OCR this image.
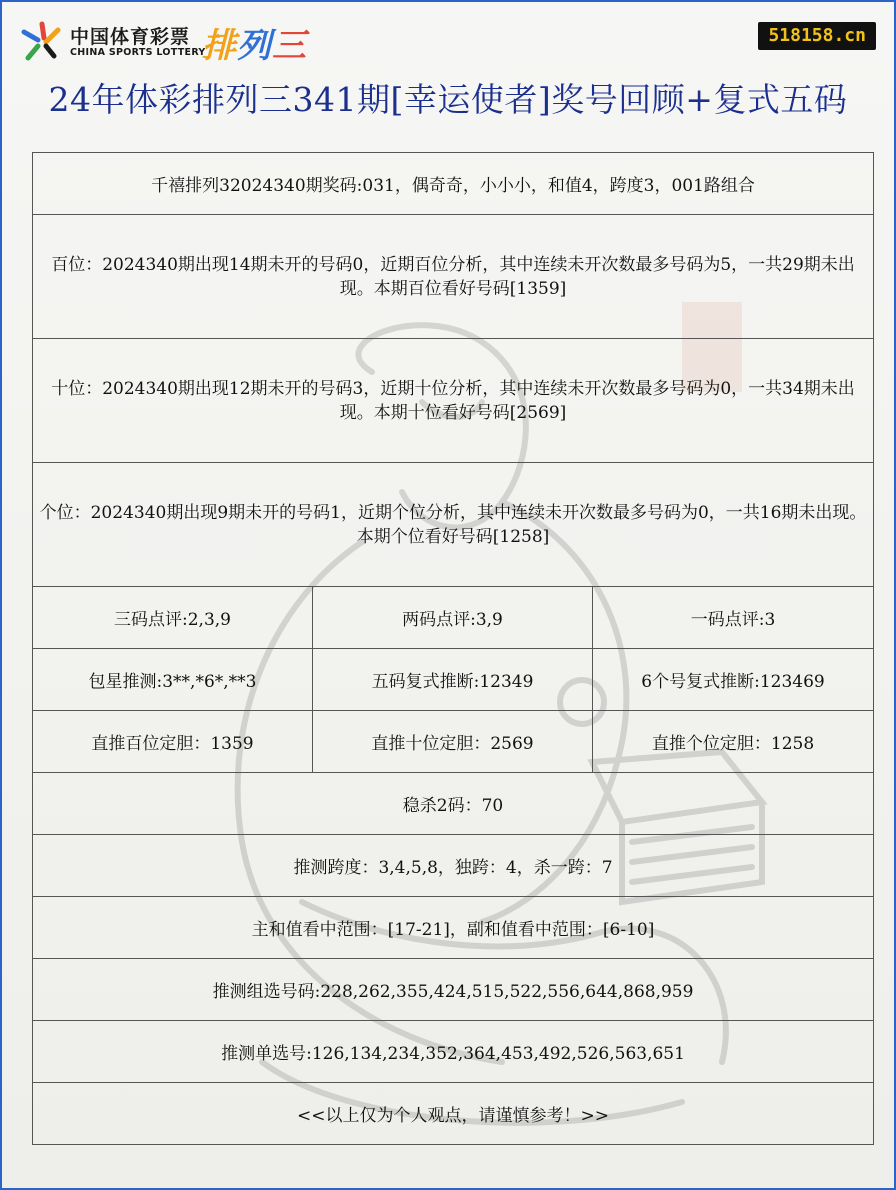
中国体育彩票
CHINA SPORTS LOTTERY
排列三	518158.cn
24年体彩排列三341期[幸运使者]奖号回顾+复式五码
千禧排列32024340期奖码:031，偶奇奇，小小小，和值4，跨度3，001路组合		
百位：2024340期出现14期未开的号码0，近期百位分析，其中连续未开次数最多号码为5，一共29期未出现。本期百位看好号码[1359]		
十位：2024340期出现12期未开的号码3，近期十位分析，其中连续未开次数最多号码为0，一共34期未出现。本期十位看好号码[2569]		
个位：2024340期出现9期未开的号码1，近期个位分析，其中连续未开次数最多号码为0，一共16期未出现。本期个位看好号码[1258]		
三码点评:2,3,9	两码点评:3,9	一码点评:3
包星推测:3**,*6*,**3	五码复式推断:12349	6个号复式推断:123469
直推百位定胆：1359	直推十位定胆：2569	直推个位定胆：1258
稳杀2码：70		
推测跨度：3,4,5,8，独跨：4，杀一跨：7		
主和值看中范围：[17-21]，副和值看中范围：[6-10]		
推测组选号码:228,262,355,424,515,522,556,644,868,959		
推测单选号:126,134,234,352,364,453,492,526,563,651		
<<以上仅为个人观点，请谨慎参考！>>		
